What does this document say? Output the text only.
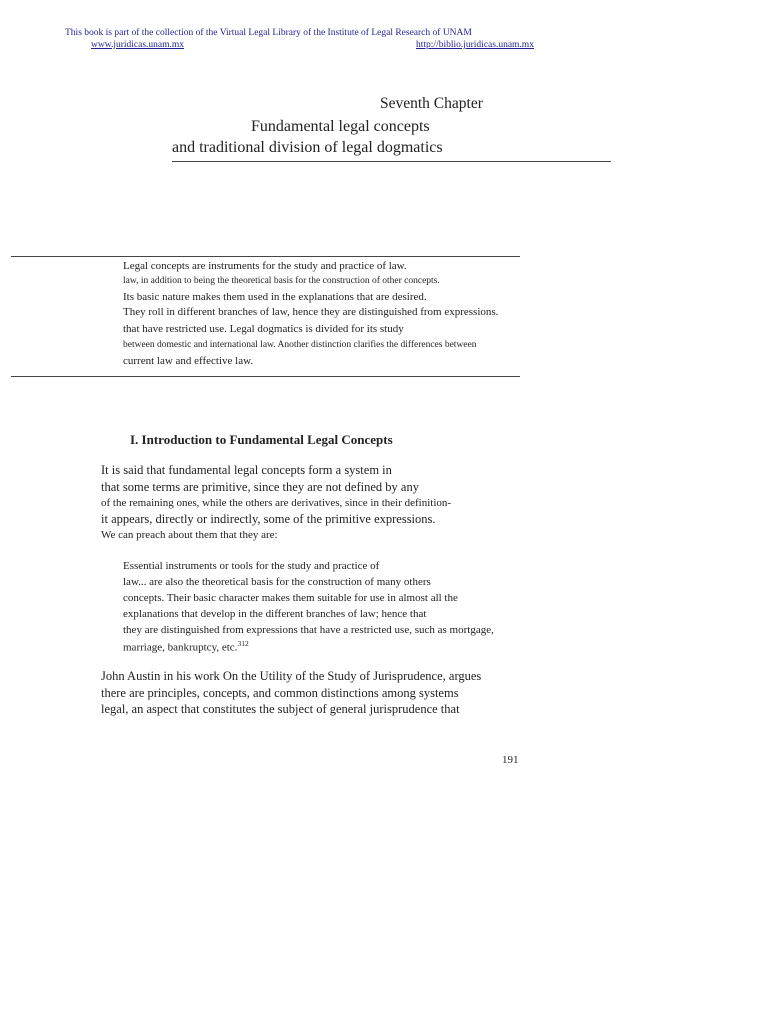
This book is part of the collection of the Virtual Legal Library of the Institute of Legal Research of UNAM
www.juridicas.unam.mx	http://biblio.juridicas.unam.mx
Seventh Chapter
Fundamental legal concepts
and traditional division of legal dogmatics
Legal concepts are instruments for the study and practice of law.
law, in addition to being the theoretical basis for the construction of other concepts.
Its basic nature makes them used in the explanations that are desired.
They roll in different branches of law, hence they are distinguished from expressions.
that have restricted use. Legal dogmatics is divided for its study
between domestic and international law. Another distinction clarifies the differences between
current law and effective law.
I. Introduction to Fundamental Legal Concepts
It is said that fundamental legal concepts form a system in
that some terms are primitive, since they are not defined by any
of the remaining ones, while the others are derivatives, since in their definition-
it appears, directly or indirectly, some of the primitive expressions.
We can preach about them that they are:
Essential instruments or tools for the study and practice of
law... are also the theoretical basis for the construction of many others
concepts. Their basic character makes them suitable for use in almost all the
explanations that develop in the different branches of law; hence that
they are distinguished from expressions that have a restricted use, such as mortgage,
marriage, bankruptcy, etc.$^{312}$
John Austin in his work On the Utility of the Study of Jurisprudence, argues
there are principles, concepts, and common distinctions among systems
legal, an aspect that constitutes the subject of general jurisprudence that
191
